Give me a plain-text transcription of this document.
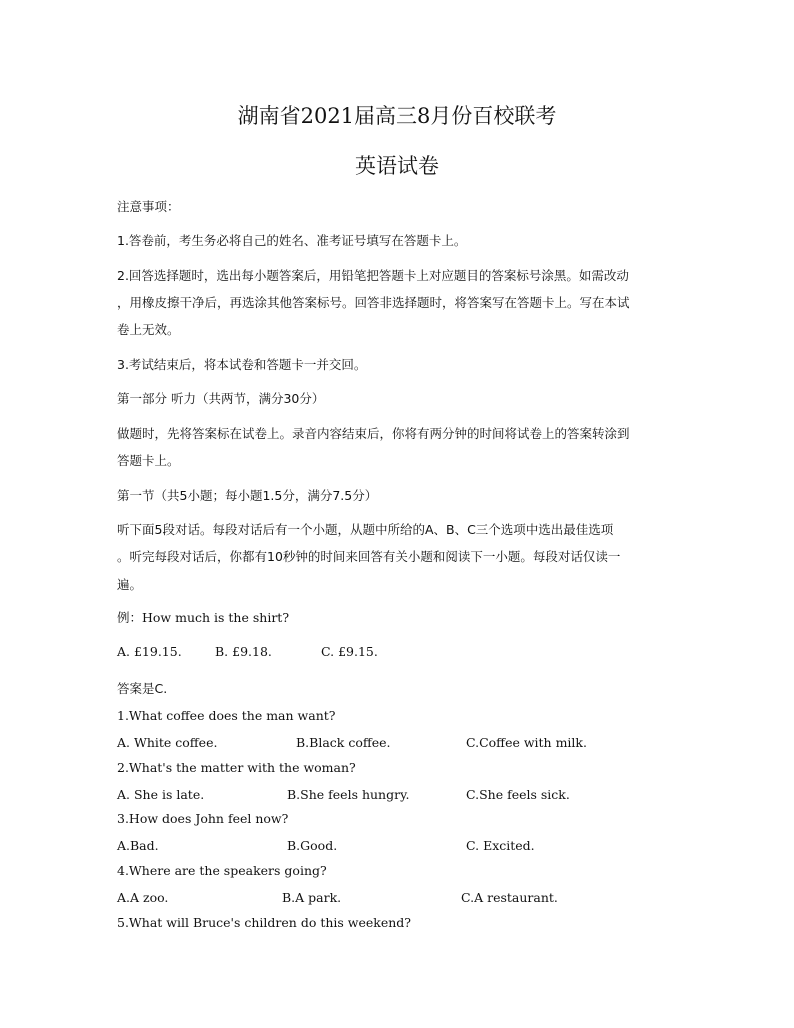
湖南省2021届高三8月份百校联考
英语试卷
注意事项：
1.答卷前，考生务必将自己的姓名、准考证号填写在答题卡上。
2.回答选择题时，选出每小题答案后，用铅笔把答题卡上对应题目的答案标号涂黑。如需改动
，用橡皮擦干净后，再选涂其他答案标号。回答非选择题时，将答案写在答题卡上。写在本试
卷上无效。
3.考试结束后，将本试卷和答题卡一并交回。
第一部分 听力（共两节，满分30分）
做题时，先将答案标在试卷上。录音内容结束后，你将有两分钟的时间将试卷上的答案转涂到
答题卡上。
第一节（共5小题；每小题1.5分，满分7.5分）
听下面5段对话。每段对话后有一个小题，从题中所给的A、B、C三个选项中选出最佳选项
。听完每段对话后，你都有10秒钟的时间来回答有关小题和阅读下一小题。每段对话仅读一
遍。
例：How much is the shirt?
A. £19.15.	B. £9.18.	C. £9.15.
答案是C.
1.What coffee does the man want?
A. White coffee.	B.Black coffee.	C.Coffee with milk.
2.What's the matter with the woman?
A. She is late.	B.She feels hungry.	C.She feels sick.
3.How does John feel now?
A.Bad.	B.Good.	C. Excited.
4.Where are the speakers going?
A.A zoo.	B.A park.	C.A restaurant.
5.What will Bruce's children do this weekend?
